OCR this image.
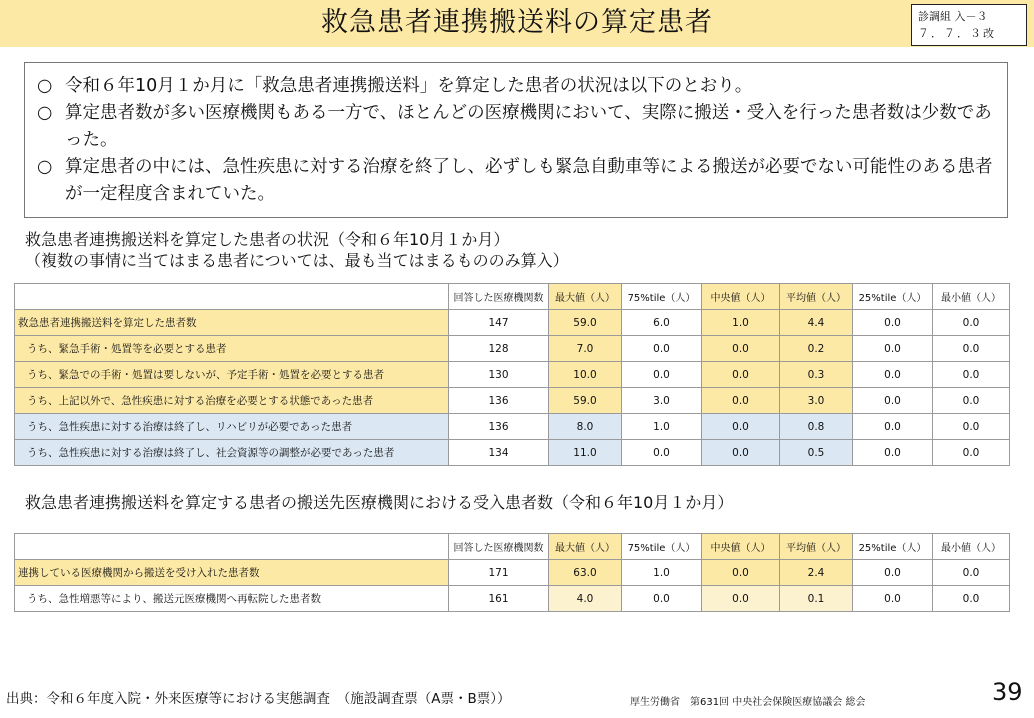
救急患者連携搬送料の算定患者	診調組 入－３
７．７．３改
○ 令和６年10月１か月に「救急患者連携搬送料」を算定した患者の状況は以下のとおり。
○ 算定患者数が多い医療機関もある一方で、ほとんどの医療機関において、実際に搬送・受入を行った患者数は少数であった。
○ 算定患者の中には、急性疾患に対する治療を終了し、必ずしも緊急自動車等による搬送が必要でない可能性のある患者が一定程度含まれていた。
救急患者連携搬送料を算定した患者の状況（令和６年10月１か月）
（複数の事情に当てはまる患者については、最も当てはまるもののみ算入）
	回答した医療機関数	最大値（人）	75%tile（人）	中央値（人）	平均値（人）	25%tile（人）	最小値（人）
救急患者連携搬送料を算定した患者数	147	59.0	6.0	1.0	4.4	0.0	0.0
うち、緊急手術・処置等を必要とする患者	128	7.0	0.0	0.0	0.2	0.0	0.0
うち、緊急での手術・処置は要しないが、予定手術・処置を必要とする患者	130	10.0	0.0	0.0	0.3	0.0	0.0
うち、上記以外で、急性疾患に対する治療を必要とする状態であった患者	136	59.0	3.0	0.0	3.0	0.0	0.0
うち、急性疾患に対する治療は終了し、リハビリが必要であった患者	136	8.0	1.0	0.0	0.8	0.0	0.0
うち、急性疾患に対する治療は終了し、社会資源等の調整が必要であった患者	134	11.0	0.0	0.0	0.5	0.0	0.0
救急患者連携搬送料を算定する患者の搬送先医療機関における受入患者数（令和６年10月１か月）
	回答した医療機関数	最大値（人）	75%tile（人）	中央値（人）	平均値（人）	25%tile（人）	最小値（人）
連携している医療機関から搬送を受け入れた患者数	171	63.0	1.0	0.0	2.4	0.0	0.0
うち、急性増悪等により、搬送元医療機関へ再転院した患者数	161	4.0	0.0	0.0	0.1	0.0	0.0
出典：令和６年度入院・外来医療等における実態調査　（施設調査票（A票・B票））	厚生労働省　第631回 中央社会保険医療協議会 総会	39
